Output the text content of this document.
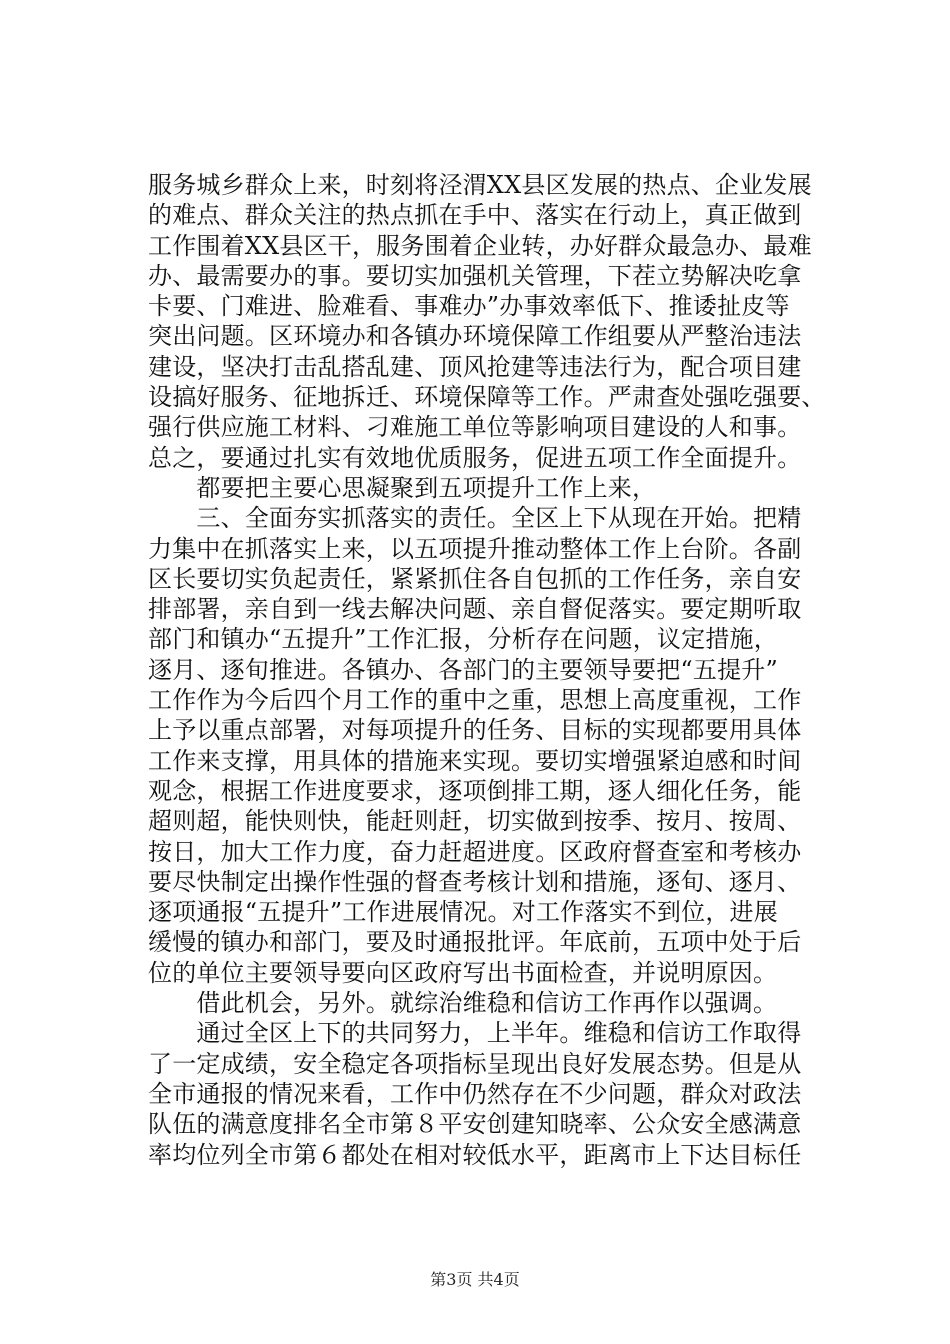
服务城乡群众上来，时刻将泾渭XX县区发展的热点、企业发展
的难点、群众关注的热点抓在手中、落实在行动上，真正做到
工作围着XX县区干，服务围着企业转，办好群众最急办、最难
办、最需要办的事。要切实加强机关管理，下茬立势解决吃拿
卡要、门难进、脸难看、事难办”办事效率低下、推诿扯皮等
突出问题。区环境办和各镇办环境保障工作组要从严整治违法
建设，坚决打击乱搭乱建、顶风抢建等违法行为，配合项目建
设搞好服务、征地拆迁、环境保障等工作。严肃查处强吃强要、
强行供应施工材料、刁难施工单位等影响项目建设的人和事。
总之，要通过扎实有效地优质服务，促进五项工作全面提升。
　　都要把主要心思凝聚到五项提升工作上来，
　　三、全面夯实抓落实的责任。全区上下从现在开始。把精
力集中在抓落实上来，以五项提升推动整体工作上台阶。各副
区长要切实负起责任，紧紧抓住各自包抓的工作任务，亲自安
排部署，亲自到一线去解决问题、亲自督促落实。要定期听取
部门和镇办“五提升”工作汇报，分析存在问题，议定措施，
逐月、逐旬推进。各镇办、各部门的主要领导要把“五提升”
工作作为今后四个月工作的重中之重，思想上高度重视，工作
上予以重点部署，对每项提升的任务、目标的实现都要用具体
工作来支撑，用具体的措施来实现。要切实增强紧迫感和时间
观念，根据工作进度要求，逐项倒排工期，逐人细化任务，能
超则超，能快则快，能赶则赶，切实做到按季、按月、按周、
按日，加大工作力度，奋力赶超进度。区政府督查室和考核办
要尽快制定出操作性强的督查考核计划和措施，逐旬、逐月、
逐项通报“五提升”工作进展情况。对工作落实不到位，进展
缓慢的镇办和部门，要及时通报批评。年底前，五项中处于后
位的单位主要领导要向区政府写出书面检查，并说明原因。
　　借此机会，另外。就综治维稳和信访工作再作以强调。
　　通过全区上下的共同努力，上半年。维稳和信访工作取得
了一定成绩，安全稳定各项指标呈现出良好发展态势。但是从
全市通报的情况来看，工作中仍然存在不少问题，群众对政法
队伍的满意度排名全市第８平安创建知晓率、公众安全感满意
率均位列全市第６都处在相对较低水平，距离市上下达目标任
第3页 共4页
